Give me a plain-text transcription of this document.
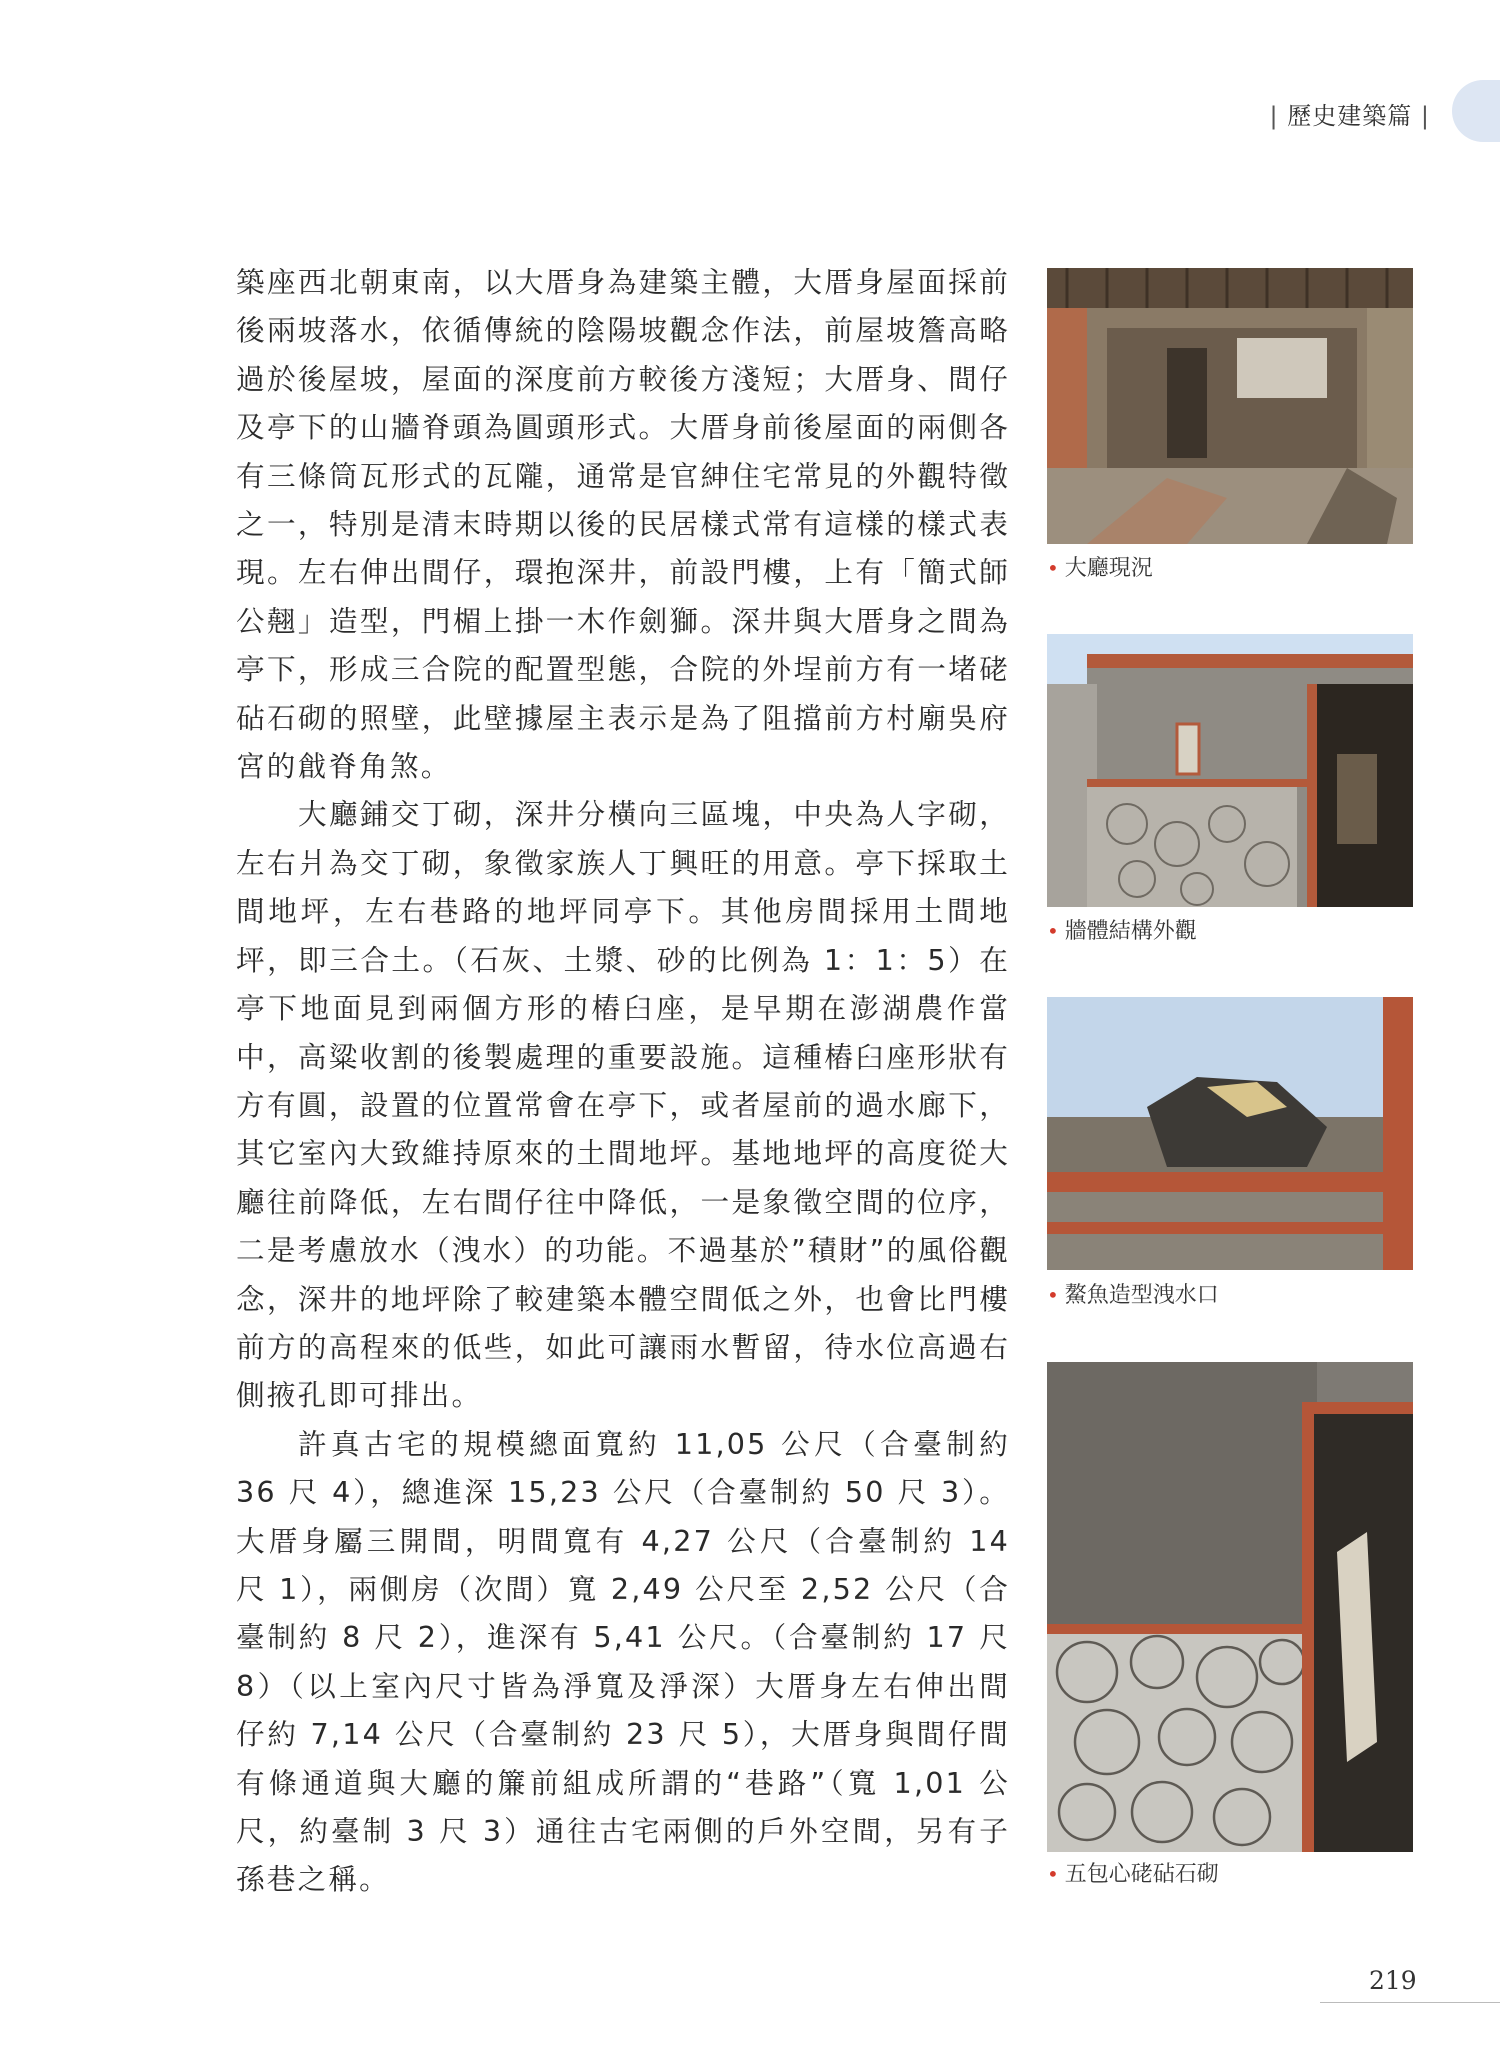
| 歷史建築篇 |

築座西北朝東南，以大厝身為建築主體，大厝身屋面採前後兩坡落水，依循傳統的陰陽坡觀念作法，前屋坡簷高略過於後屋坡，屋面的深度前方較後方淺短；大厝身、間仔及亭下的山牆脊頭為圓頭形式。大厝身前後屋面的兩側各有三條筒瓦形式的瓦隴，通常是官紳住宅常見的外觀特徵之一，特別是清末時期以後的民居樣式常有這樣的樣式表現。左右伸出間仔，環抱深井，前設門樓，上有「簡式師公翹」造型，門楣上掛一木作劍獅。深井與大厝身之間為亭下，形成三合院的配置型態，合院的外埕前方有一堵硓砧石砌的照壁，此壁據屋主表示是為了阻擋前方村廟吳府宮的戧脊角煞。

大廳鋪交丁砌，深井分橫向三區塊，中央為人字砌，左右爿為交丁砌，象徵家族人丁興旺的用意。亭下採取土間地坪，左右巷路的地坪同亭下。其他房間採用土間地坪，即三合土。（石灰、土漿、砂的比例為 1：1：5）在亭下地面見到兩個方形的樁臼座，是早期在澎湖農作當中，高粱收割的後製處理的重要設施。這種樁臼座形狀有方有圓，設置的位置常會在亭下，或者屋前的過水廊下，其它室內大致維持原來的土間地坪。基地地坪的高度從大廳往前降低，左右間仔往中降低，一是象徵空間的位序，二是考慮放水（洩水）的功能。不過基於”積財”的風俗觀念，深井的地坪除了較建築本體空間低之外，也會比門樓前方的高程來的低些，如此可讓雨水暫留，待水位高過右側掖孔即可排出。

許真古宅的規模總面寬約 11,05 公尺（合臺制約 36 尺 4），總進深 15,23 公尺（合臺制約 50 尺 3）。大厝身屬三開間，明間寬有 4,27 公尺（合臺制約 14 尺 1），兩側房（次間）寬 2,49 公尺至 2,52 公尺（合臺制約 8 尺 2），進深有 5,41 公尺。（合臺制約 17 尺 8）（以上室內尺寸皆為淨寬及淨深）大厝身左右伸出間仔約 7,14 公尺（合臺制約 23 尺 5），大厝身與間仔間有條通道與大廳的簾前組成所謂的“巷路”（寬 1,01 公尺，約臺制 3 尺 3）通往古宅兩側的戶外空間，另有子孫巷之稱。

• 大廳現況
• 牆體結構外觀
• 鰲魚造型洩水口
• 五包心硓砧石砌
219
